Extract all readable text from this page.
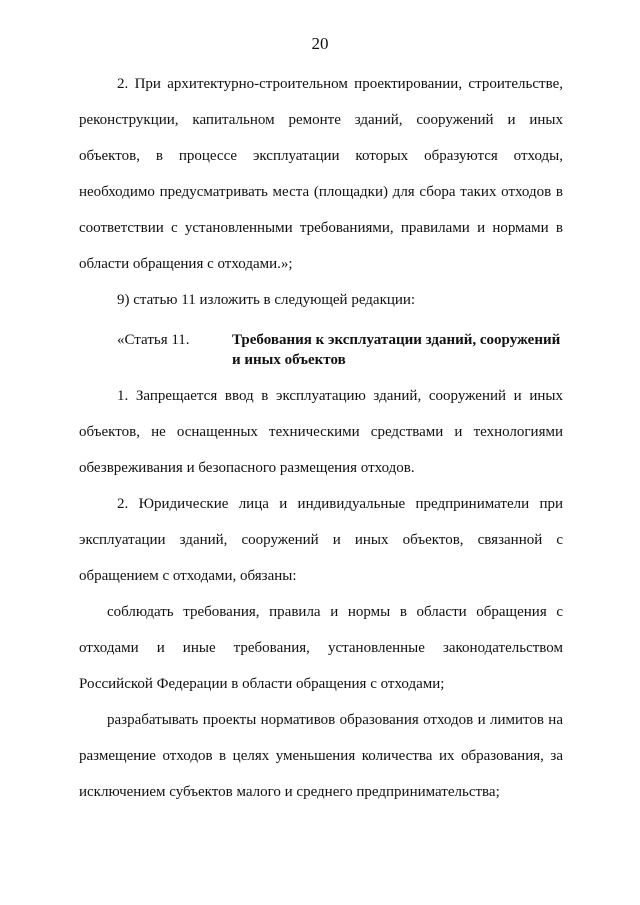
20

2. При архитектурно-строительном проектировании, строительстве, реконструкции, капитальном ремонте зданий, сооружений и иных объектов, в процессе эксплуатации которых образуются отходы, необходимо предусматривать места (площадки) для сбора таких отходов в соответствии с установленными требованиями, правилами и нормами в области обращения с отходами.»;

9) статью 11 изложить в следующей редакции:

«Статья 11.	Требования к эксплуатации зданий, сооружений и иных объектов

1. Запрещается ввод в эксплуатацию зданий, сооружений и иных объектов, не оснащенных техническими средствами и технологиями обезвреживания и безопасного размещения отходов.

2. Юридические лица и индивидуальные предприниматели при эксплуатации зданий, сооружений и иных объектов, связанной с обращением с отходами, обязаны:

соблюдать требования, правила и нормы в области обращения с отходами и иные требования, установленные законодательством Российской Федерации в области обращения с отходами;

разрабатывать проекты нормативов образования отходов и лимитов на размещение отходов в целях уменьшения количества их образования, за исключением субъектов малого и среднего предпринимательства;
